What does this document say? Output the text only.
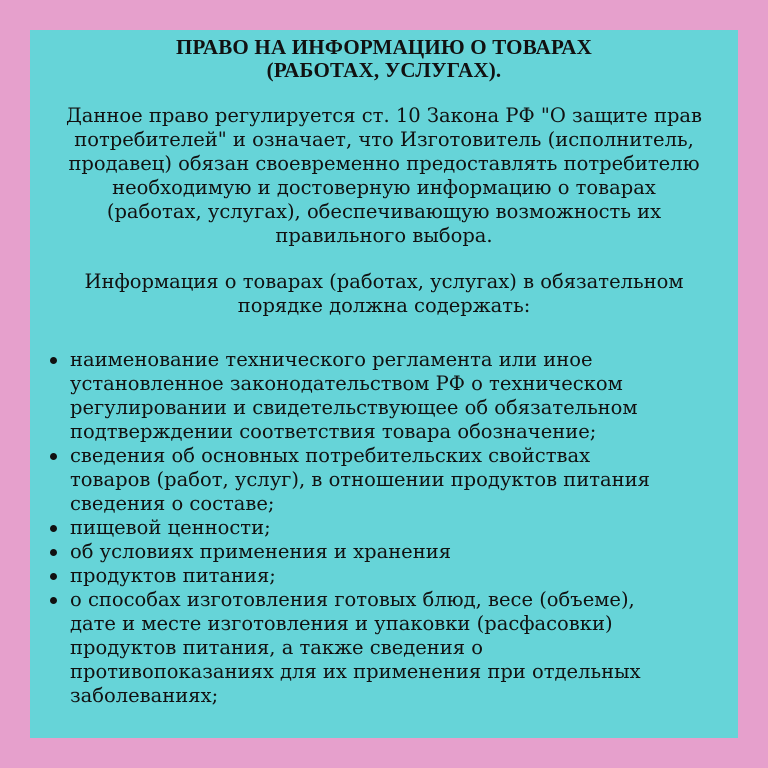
ПРАВО НА ИНФОРМАЦИЮ О ТОВАРАХ
(РАБОТАХ, УСЛУГАХ).
Данное право регулируется ст. 10 Закона РФ "О защите прав
потребителей" и означает, что Изготовитель (исполнитель,
продавец) обязан своевременно предоставлять потребителю
необходимую и достоверную информацию о товарах
(работах, услугах), обеспечивающую возможность их
правильного выбора.
Информация о товарах (работах, услугах) в обязательном
порядке должна содержать:
наименование технического регламента или иное
установленное законодательством РФ о техническом
регулировании и свидетельствующее об обязательном
подтверждении соответствия товара обозначение;
сведения об основных потребительских свойствах
товаров (работ, услуг), в отношении продуктов питания
сведения о составе;
пищевой ценности;
об условиях применения и хранения
продуктов питания;
о способах изготовления готовых блюд, весе (объеме),
дате и месте изготовления и упаковки (расфасовки)
продуктов питания, а также сведения о
противопоказаниях для их применения при отдельных
заболеваниях;
